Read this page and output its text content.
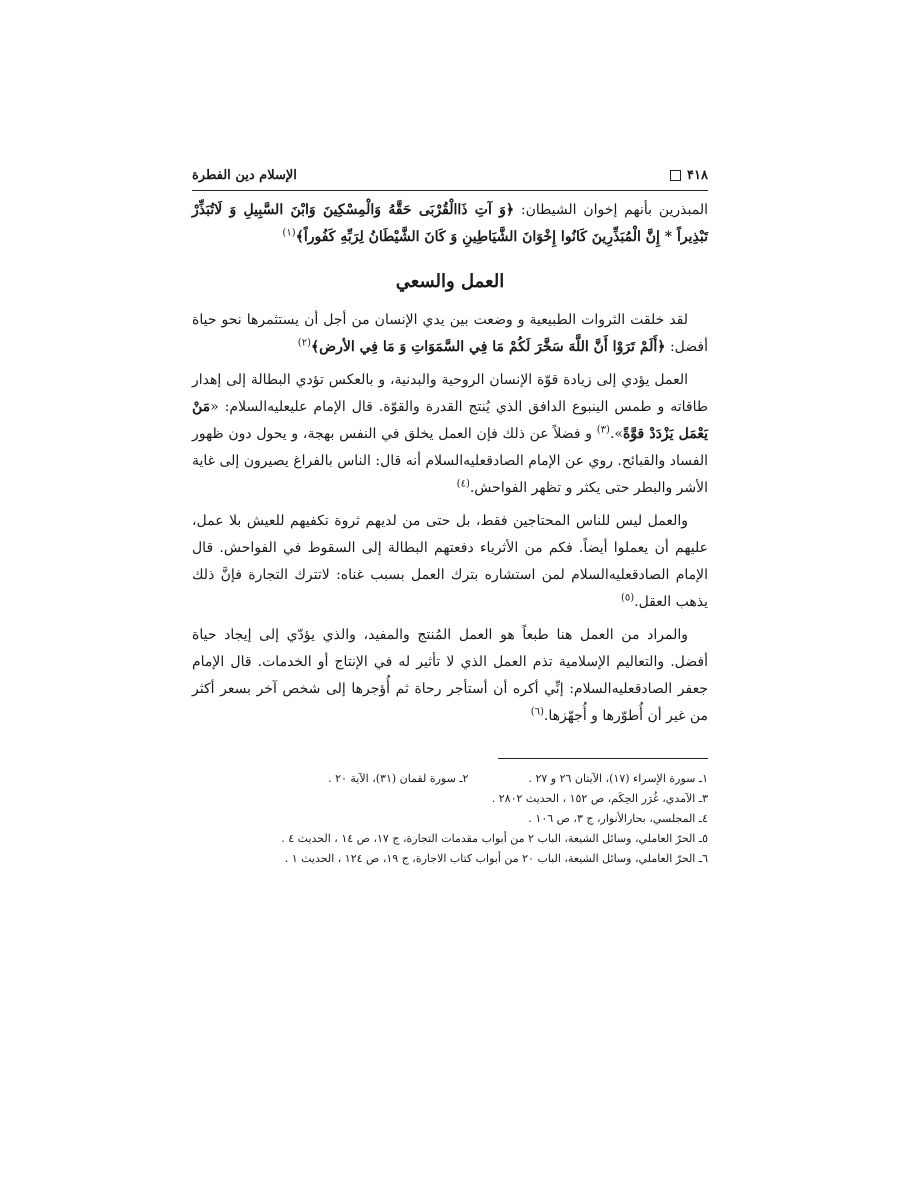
۴۱۸
الإسلام دين الفطرة

المبذرين بأنهم إخوان الشيطان: ﴿وَ آتِ ذَاالْقُرْبَى حَقَّهُ وَالْمِسْكِينَ وَابْنَ السَّبِيلِ وَ لَاتُبَذِّرْ تَبْذِيراً * إِنَّ الْمُبَذِّرِينَ كَانُوا إِخْوَانَ الشَّيَاطِينِ وَ كَانَ الشَّيْطَانُ لِرَبِّهِ كَفُوراً﴾$^{(١)}$

العمل والسعي

لقد خلقت الثروات الطبيعية و وضعت بين يدي الإنسان من أجل أن يستثمرها نحو حياة أفضل: ﴿أَلَمْ تَرَوْا أَنَّ اللَّهَ سَخَّرَ لَكُمْ مَا فِي السَّمَوَاتِ وَ مَا فِي الأرض﴾$^{(٢)}$

العمل يؤدي إلى زيادة قوّة الإنسان الروحية والبدنية، و بالعكس تؤدي البطالة إلى إهدار طاقاته و طمس الينبوع الدافق الذي يُنتج القدرة والقوّة. قال الإمام عليعليه‌السلام: «مَنْ يَعْمَل يَزْدَدْ قوَّةً».$^{(٣)}$ و فضلاً عن ذلك فإن العمل يخلق في النفس بهجة، و يحول دون ظهور الفساد والقبائح. روي عن الإمام الصادقعليه‌السلام أنه قال: الناس بالفراغ يصيرون إلى غاية الأشر والبطر حتى يكثر و تظهر الفواحش.$^{(٤)}$

والعمل ليس للناس المحتاجين فقط، بل حتى من لديهم ثروة تكفيهم للعيش بلا عمل، عليهم أن يعملوا أيضاً. فكم من الأثرياء دفعتهم البطالة إلى السقوط في الفواحش. قال الإمام الصادقعليه‌السلام لمن استشاره بترك العمل بسبب غناه: لاتترك التجارة فإنَّ ذلك يذهب العقل.$^{(٥)}$

والمراد من العمل هنا طبعاً هو العمل المُنتج والمفيد، والذي يؤدّي إلى إيجاد حياة أفضل. والتعاليم الإسلامية تذم العمل الذي لا تأثير له في الإنتاج أو الخدمات. قال الإمام جعفر الصادقعليه‌السلام: إنِّي أكره أن أستأجر رحاة ثم أُؤجرها إلى شخص آخر بسعر أكثر من غير أن أُطوّرها و أُجهّزها.$^{(٦)}$

١ـ سورة الإسراء (١٧)، الآيتان ٢٦ و ٢٧ .
٢ـ سورة لقمان (٣١)، الآية ٢٠ .
٣ـ الآمدي، غُرَر الحِكَم، ص ١٥٢ ، الحديث ٢٨٠٢ .
٤ـ المجلسي، بحارالأنوار، ج ٣، ص ١٠٦ .
٥ـ الحرّ العاملي، وسائل الشيعة، الباب ٢ من أبواب مقدمات التجارة، ج ١٧، ص ١٤ ، الحديث ٤ .
٦ـ الحرّ العاملي، وسائل الشيعة، الباب ٢٠ من أبواب كتاب الاجارة، ج ١٩، ص ١٢٤ ، الحديث ١ .
